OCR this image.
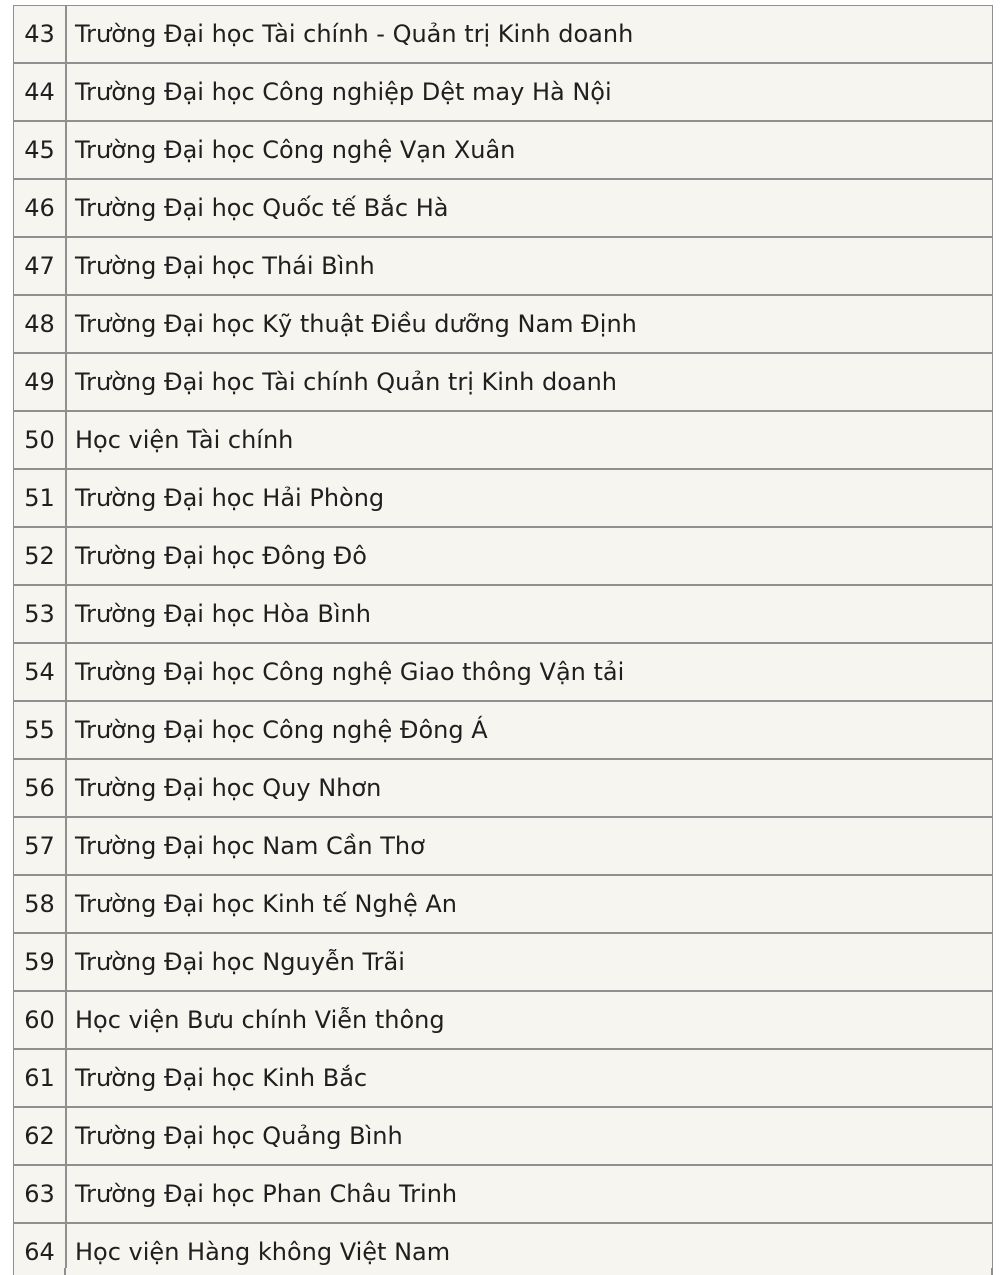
43 Trường Đại học Tài chính - Quản trị Kinh doanh
44 Trường Đại học Công nghiệp Dệt may Hà Nội
45 Trường Đại học Công nghệ Vạn Xuân
46 Trường Đại học Quốc tế Bắc Hà
47 Trường Đại học Thái Bình
48 Trường Đại học Kỹ thuật Điều dưỡng Nam Định
49 Trường Đại học Tài chính Quản trị Kinh doanh
50 Học viện Tài chính
51 Trường Đại học Hải Phòng
52 Trường Đại học Đông Đô
53 Trường Đại học Hòa Bình
54 Trường Đại học Công nghệ Giao thông Vận tải
55 Trường Đại học Công nghệ Đông Á
56 Trường Đại học Quy Nhơn
57 Trường Đại học Nam Cần Thơ
58 Trường Đại học Kinh tế Nghệ An
59 Trường Đại học Nguyễn Trãi
60 Học viện Bưu chính Viễn thông
61 Trường Đại học Kinh Bắc
62 Trường Đại học Quảng Bình
63 Trường Đại học Phan Châu Trinh
64 Học viện Hàng không Việt Nam
